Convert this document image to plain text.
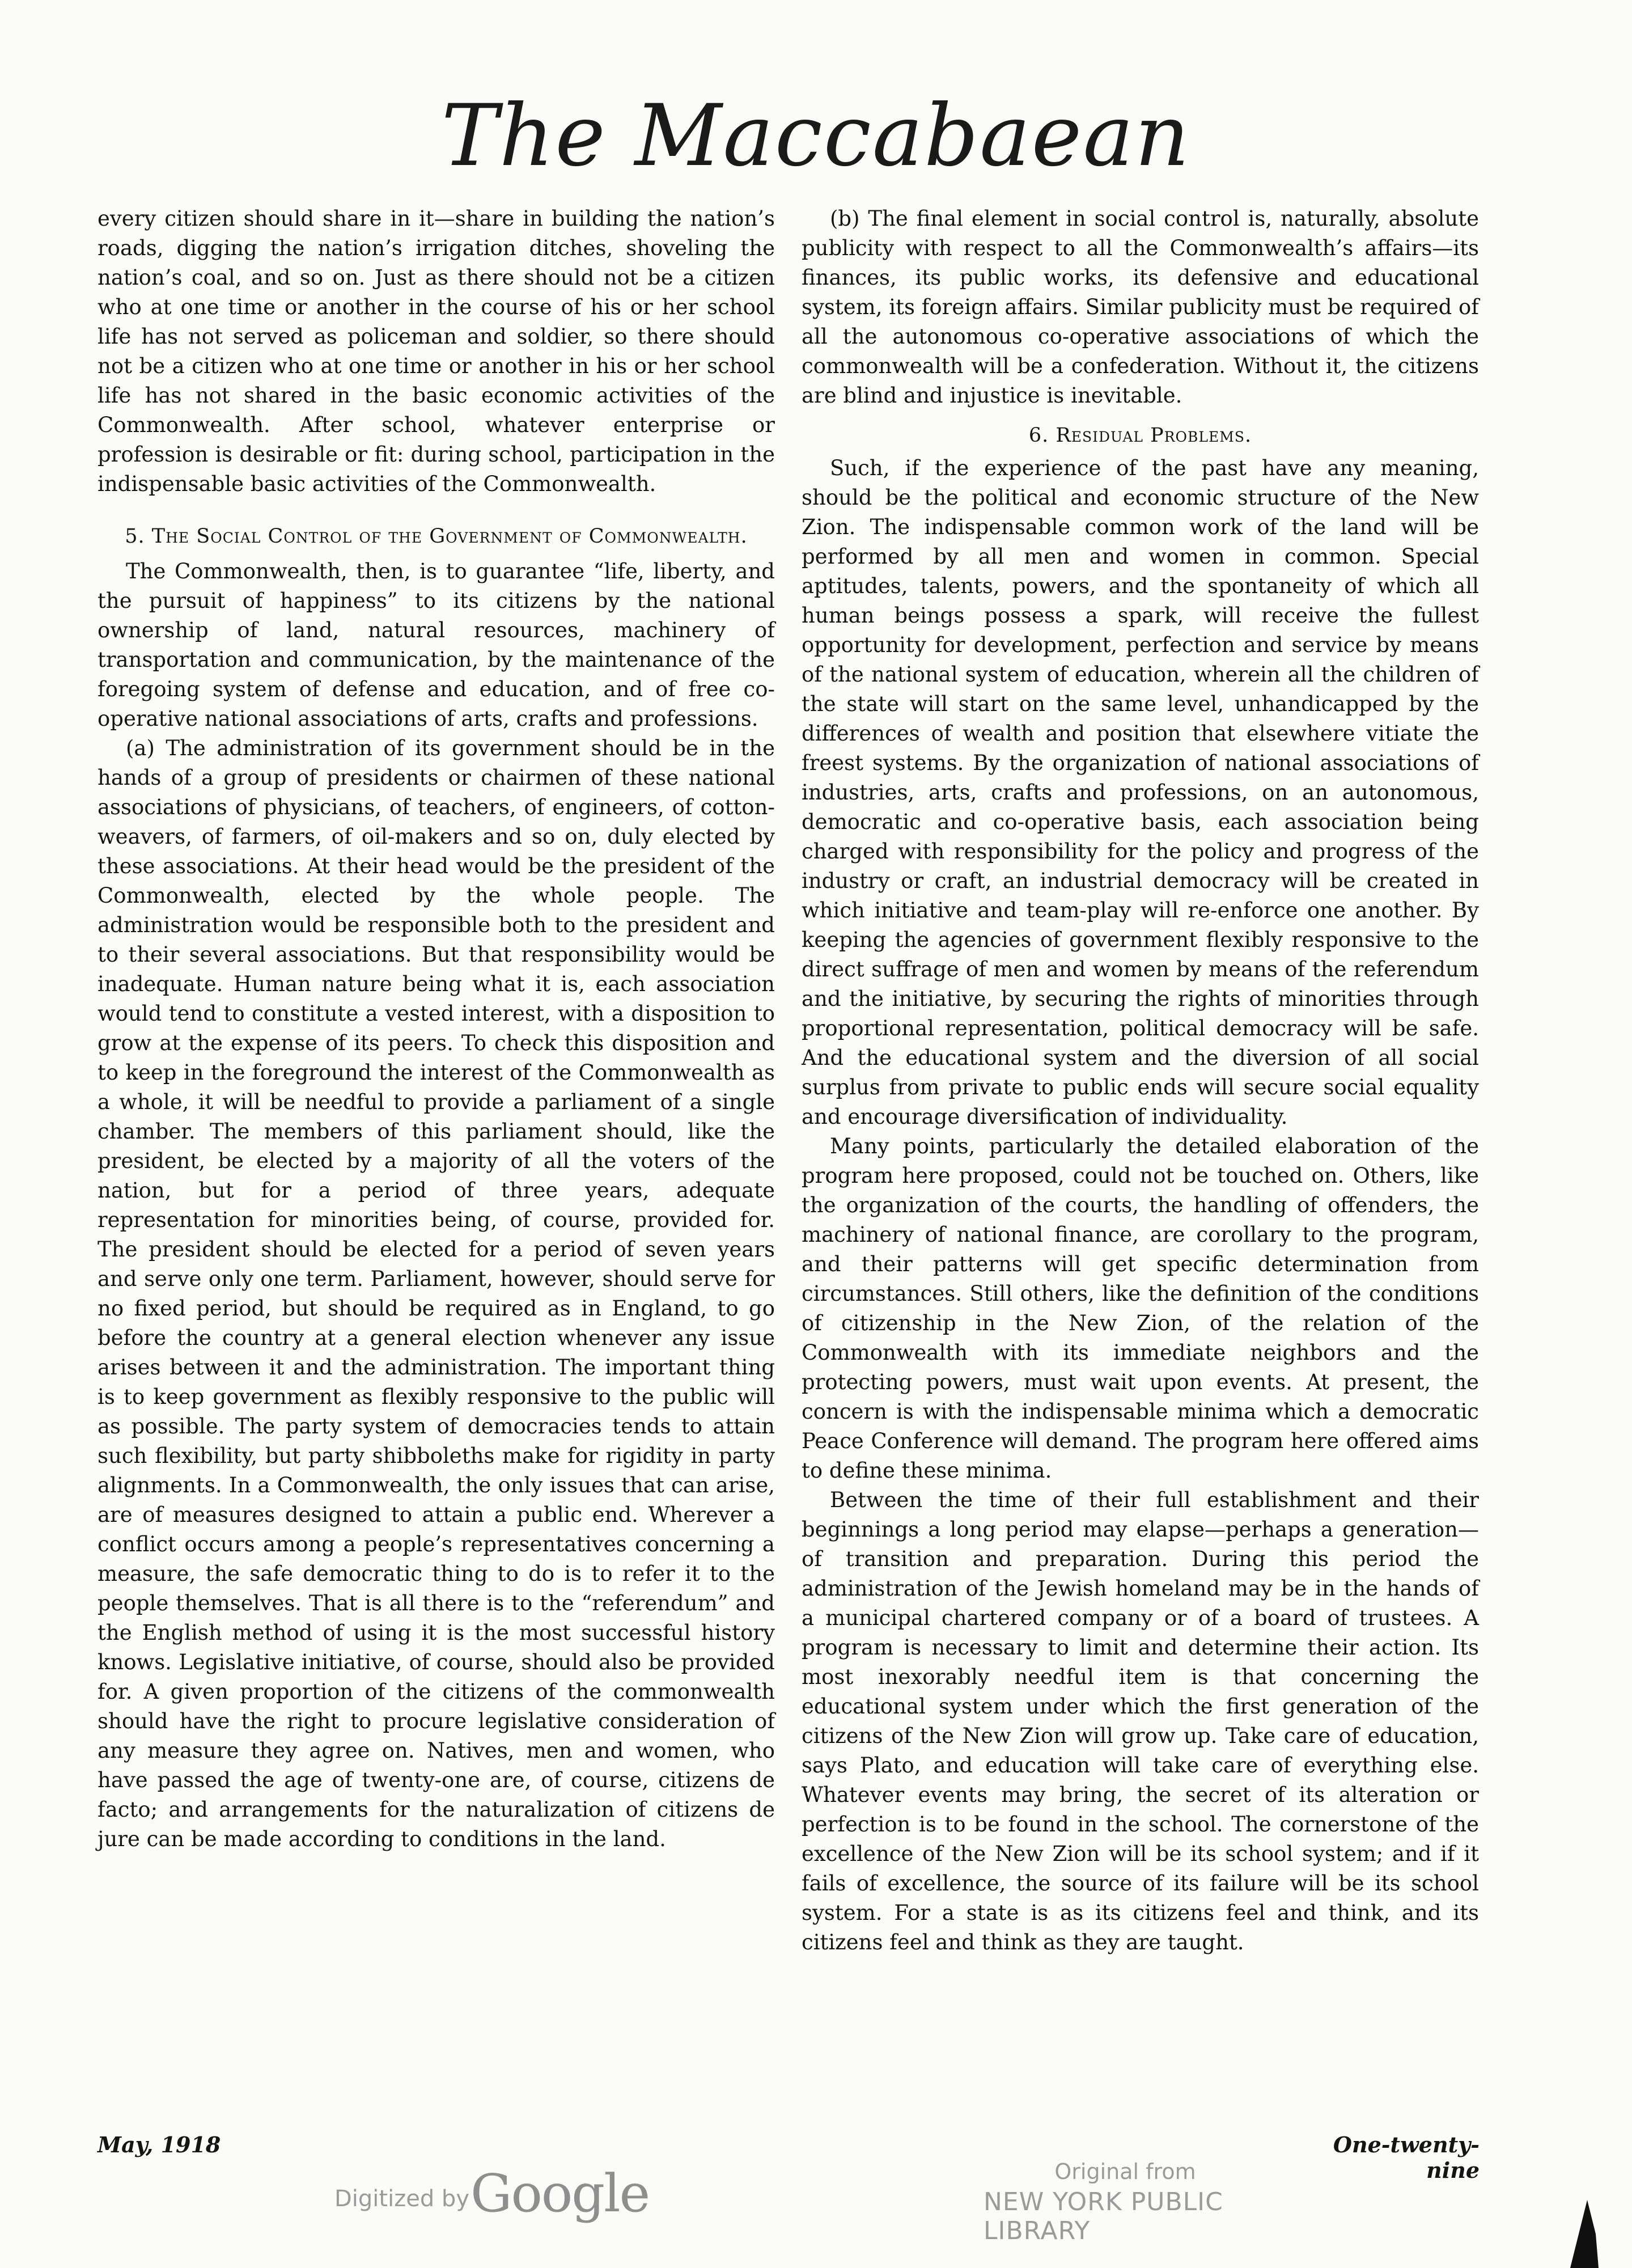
The Maccabaean

every citizen should share in it—share in building the nation’s roads, digging the nation’s irrigation ditches, shoveling the nation’s coal, and so on. Just as there should not be a citizen who at one time or another in the course of his or her school life has not served as policeman and soldier, so there should not be a citizen who at one time or another in his or her school life has not shared in the basic economic activities of the Commonwealth. After school, whatever enterprise or profession is desirable or fit: during school, participation in the indispensable basic activities of the Commonwealth.

5. The Social Control of the Government of Commonwealth.

The Commonwealth, then, is to guarantee “life, liberty, and the pursuit of happiness” to its citizens by the national ownership of land, natural resources, machinery of transportation and communication, by the maintenance of the foregoing system of defense and education, and of free co-operative national associations of arts, crafts and professions.

(a) The administration of its government should be in the hands of a group of presidents or chairmen of these national associations of physicians, of teachers, of engineers, of cotton-weavers, of farmers, of oil-makers and so on, duly elected by these associations. At their head would be the president of the Commonwealth, elected by the whole people. The administration would be responsible both to the president and to their several associations. But that responsibility would be inadequate. Human nature being what it is, each association would tend to constitute a vested interest, with a disposition to grow at the expense of its peers. To check this disposition and to keep in the foreground the interest of the Commonwealth as a whole, it will be needful to provide a parliament of a single chamber. The members of this parliament should, like the president, be elected by a majority of all the voters of the nation, but for a period of three years, adequate representation for minorities being, of course, provided for. The president should be elected for a period of seven years and serve only one term. Parliament, however, should serve for no fixed period, but should be required as in England, to go before the country at a general election whenever any issue arises between it and the administration. The important thing is to keep government as flexibly responsive to the public will as possible. The party system of democracies tends to attain such flexibility, but party shibboleths make for rigidity in party alignments. In a Commonwealth, the only issues that can arise, are of measures designed to attain a public end. Wherever a conflict occurs among a people’s representatives concerning a measure, the safe democratic thing to do is to refer it to the people themselves. That is all there is to the “referendum” and the English method of using it is the most successful history knows. Legislative initiative, of course, should also be provided for. A given proportion of the citizens of the commonwealth should have the right to procure legislative consideration of any measure they agree on. Natives, men and women, who have passed the age of twenty-one are, of course, citizens de facto; and arrangements for the naturalization of citizens de jure can be made according to conditions in the land.

(b) The final element in social control is, naturally, absolute publicity with respect to all the Commonwealth’s affairs—its finances, its public works, its defensive and educational system, its foreign affairs. Similar publicity must be required of all the autonomous co-operative associations of which the commonwealth will be a confederation. Without it, the citizens are blind and injustice is inevitable.

6. Residual Problems.

Such, if the experience of the past have any meaning, should be the political and economic structure of the New Zion. The indispensable common work of the land will be performed by all men and women in common. Special aptitudes, talents, powers, and the spontaneity of which all human beings possess a spark, will receive the fullest opportunity for development, perfection and service by means of the national system of education, wherein all the children of the state will start on the same level, unhandicapped by the differences of wealth and position that elsewhere vitiate the freest systems. By the organization of national associations of industries, arts, crafts and professions, on an autonomous, democratic and co-operative basis, each association being charged with responsibility for the policy and progress of the industry or craft, an industrial democracy will be created in which initiative and team-play will re-enforce one another. By keeping the agencies of government flexibly responsive to the direct suffrage of men and women by means of the referendum and the initiative, by securing the rights of minorities through proportional representation, political democracy will be safe. And the educational system and the diversion of all social surplus from private to public ends will secure social equality and encourage diversification of individuality.

Many points, particularly the detailed elaboration of the program here proposed, could not be touched on. Others, like the organization of the courts, the handling of offenders, the machinery of national finance, are corollary to the program, and their patterns will get specific determination from circumstances. Still others, like the definition of the conditions of citizenship in the New Zion, of the relation of the Commonwealth with its immediate neighbors and the protecting powers, must wait upon events. At present, the concern is with the indispensable minima which a democratic Peace Conference will demand. The program here offered aims to define these minima.

Between the time of their full establishment and their beginnings a long period may elapse—perhaps a generation—of transition and preparation. During this period the administration of the Jewish homeland may be in the hands of a municipal chartered company or of a board of trustees. A program is necessary to limit and determine their action. Its most inexorably needful item is that concerning the educational system under which the first generation of the citizens of the New Zion will grow up. Take care of education, says Plato, and education will take care of everything else. Whatever events may bring, the secret of its alteration or perfection is to be found in the school. The cornerstone of the excellence of the New Zion will be its school system; and if it fails of excellence, the source of its failure will be its school system. For a state is as its citizens feel and think, and its citizens feel and think as they are taught.

May, 1918	One-twenty-nine
Digitized by Google	Original from
NEW YORK PUBLIC LIBRARY
